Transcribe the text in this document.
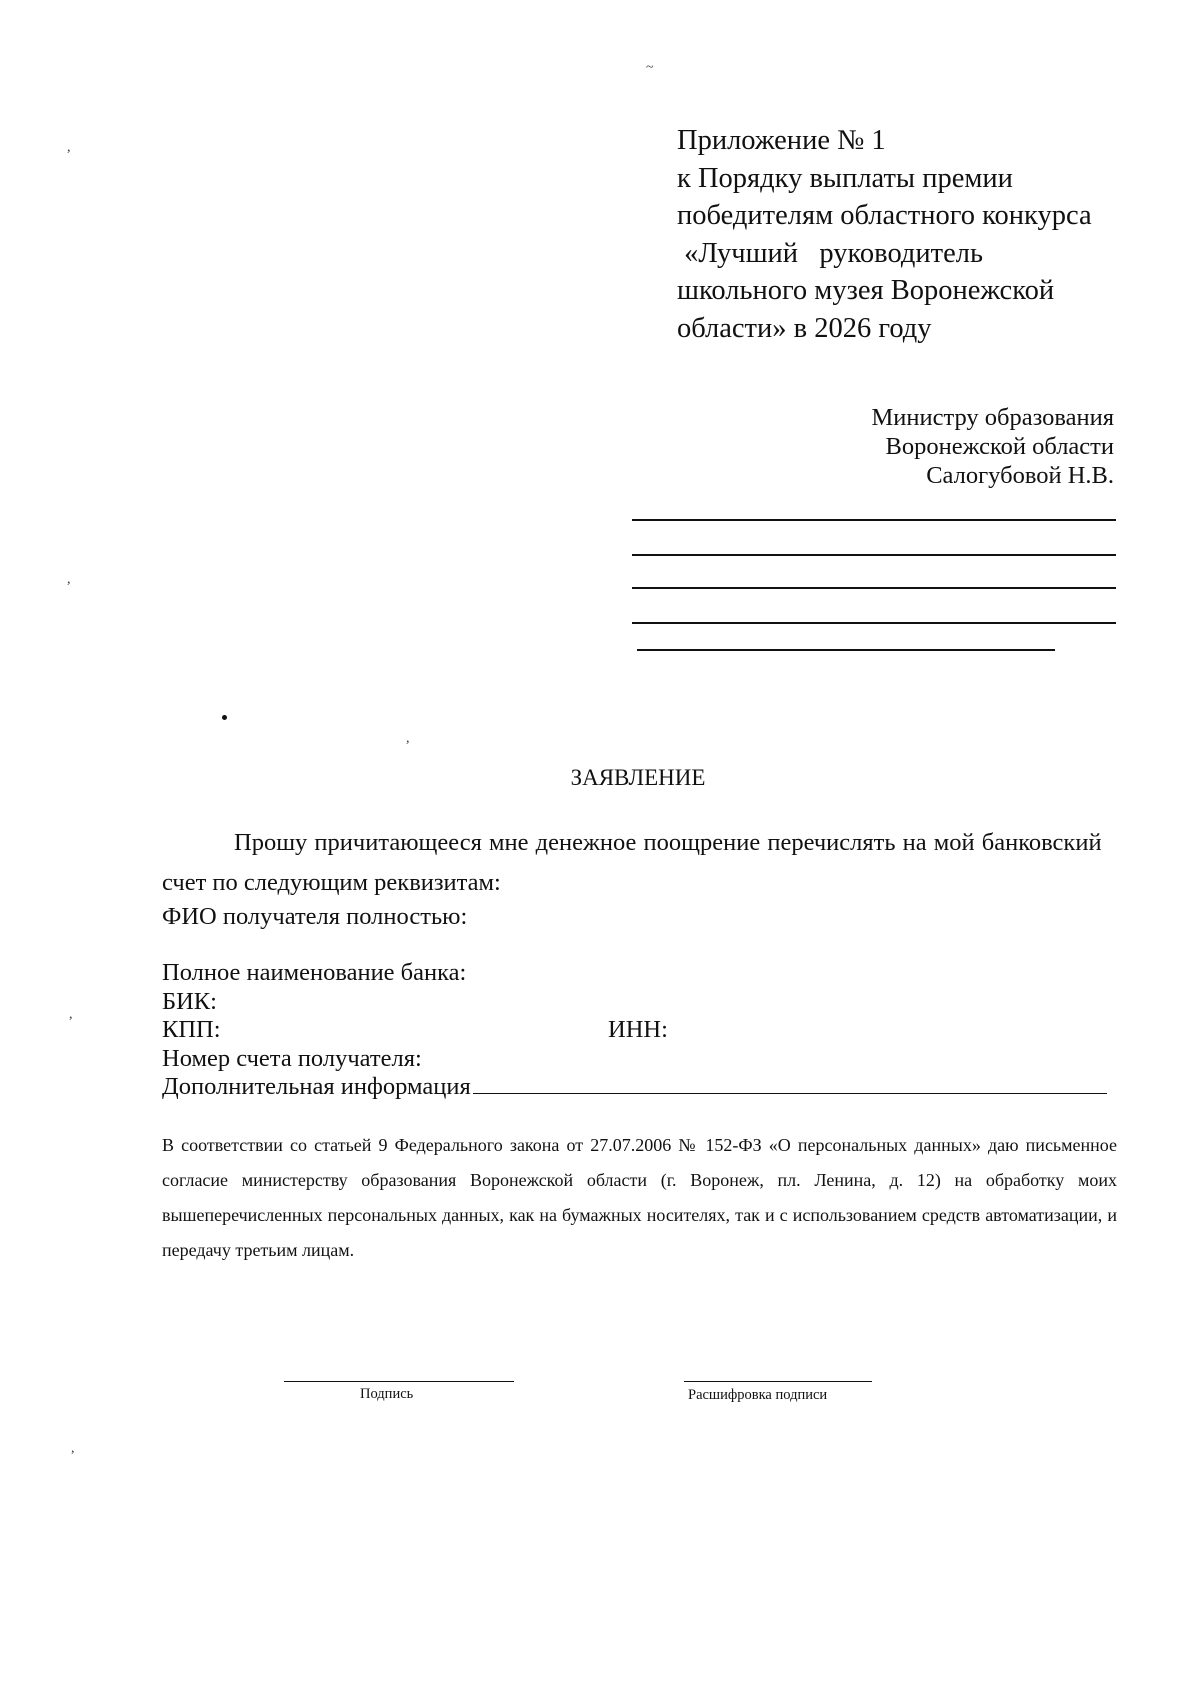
~
,
,
,
,
,
Приложение № 1
к Порядку выплаты премии
победителям областного конкурса
«Лучший   руководитель
школьного музея Воронежской
области» в 2026 году
Министру образования
Воронежской области
Салогубовой Н.В.
ЗАЯВЛЕНИЕ
Прошу причитающееся мне денежное поощрение перечислять на мой банковский
счет по следующим реквизитам:
ФИО получателя полностью:
Полное наименование банка:
БИК:
КПП:	ИНН:
Номер счета получателя:
Дополнительная информация
В соответствии со статьей 9 Федерального закона от 27.07.2006 № 152-ФЗ «О персональных данных» даю письменное согласие министерству образования Воронежской области (г. Воронеж, пл. Ленина, д. 12) на обработку моих вышеперечисленных персональных данных, как на бумажных носителях, так и с использованием средств автоматизации, и передачу третьим лицам.
Подпись	Расшифровка подписи
